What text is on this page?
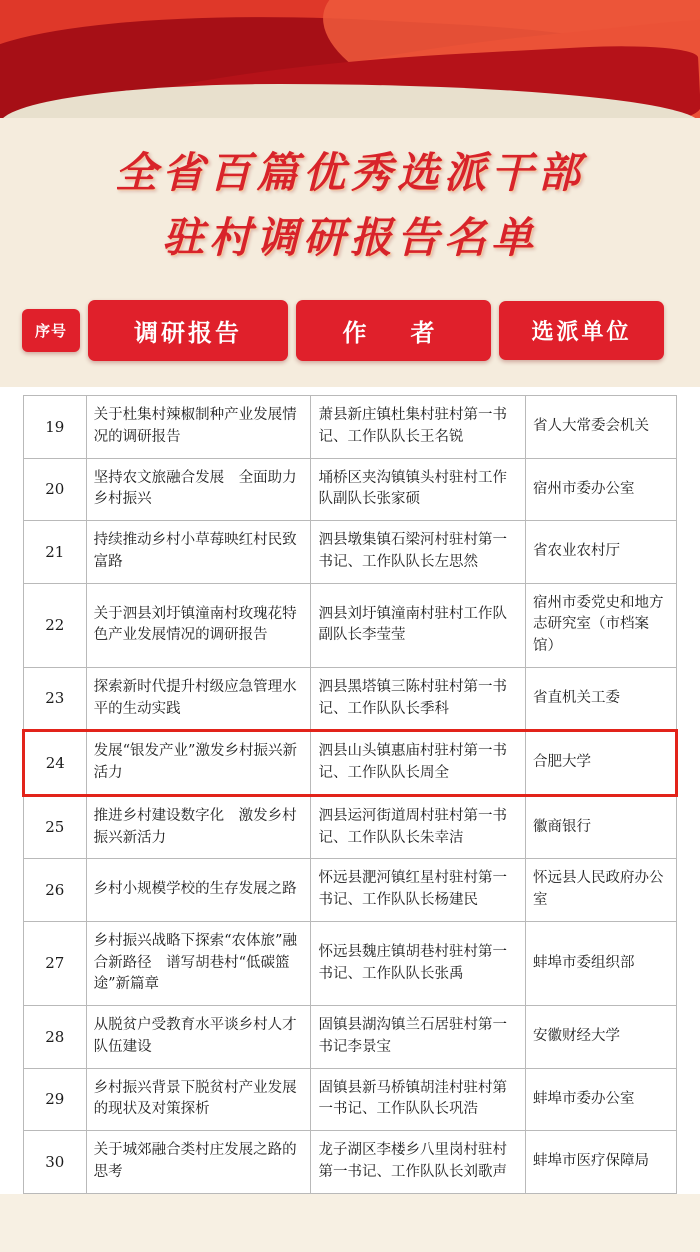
全省百篇优秀选派干部
驻村调研报告名单
序号	调研报告	作　者	选派单位
19	关于杜集村辣椒制种产业发展情况的调研报告	萧县新庄镇杜集村驻村第一书记、工作队队长王名锐	省人大常委会机关
20	坚持农文旅融合发展　全面助力乡村振兴	埇桥区夹沟镇镇头村驻村工作队副队长张家硕	宿州市委办公室
21	持续推动乡村小草莓映红村民致富路	泗县墩集镇石梁河村驻村第一书记、工作队队长左思然	省农业农村厅
22	关于泗县刘圩镇潼南村玫瑰花特色产业发展情况的调研报告	泗县刘圩镇潼南村驻村工作队副队长李莹莹	宿州市委党史和地方志研究室（市档案馆）
23	探索新时代提升村级应急管理水平的生动实践	泗县黑塔镇三陈村驻村第一书记、工作队队长季科	省直机关工委
24	发展“银发产业”激发乡村振兴新活力	泗县山头镇惠庙村驻村第一书记、工作队队长周全	合肥大学
25	推进乡村建设数字化　激发乡村振兴新活力	泗县运河街道周村驻村第一书记、工作队队长朱幸洁	徽商银行
26	乡村小规模学校的生存发展之路	怀远县淝河镇红星村驻村第一书记、工作队队长杨建民	怀远县人民政府办公室
27	乡村振兴战略下探索“农体旅”融合新路径　谱写胡巷村“低碳篮途”新篇章	怀远县魏庄镇胡巷村驻村第一书记、工作队队长张禹	蚌埠市委组织部
28	从脱贫户受教育水平谈乡村人才队伍建设	固镇县湖沟镇兰石居驻村第一书记李景宝	安徽财经大学
29	乡村振兴背景下脱贫村产业发展的现状及对策探析	固镇县新马桥镇胡洼村驻村第一书记、工作队队长巩浩	蚌埠市委办公室
30	关于城郊融合类村庄发展之路的思考	龙子湖区李楼乡八里岗村驻村第一书记、工作队队长刘歌声	蚌埠市医疗保障局
